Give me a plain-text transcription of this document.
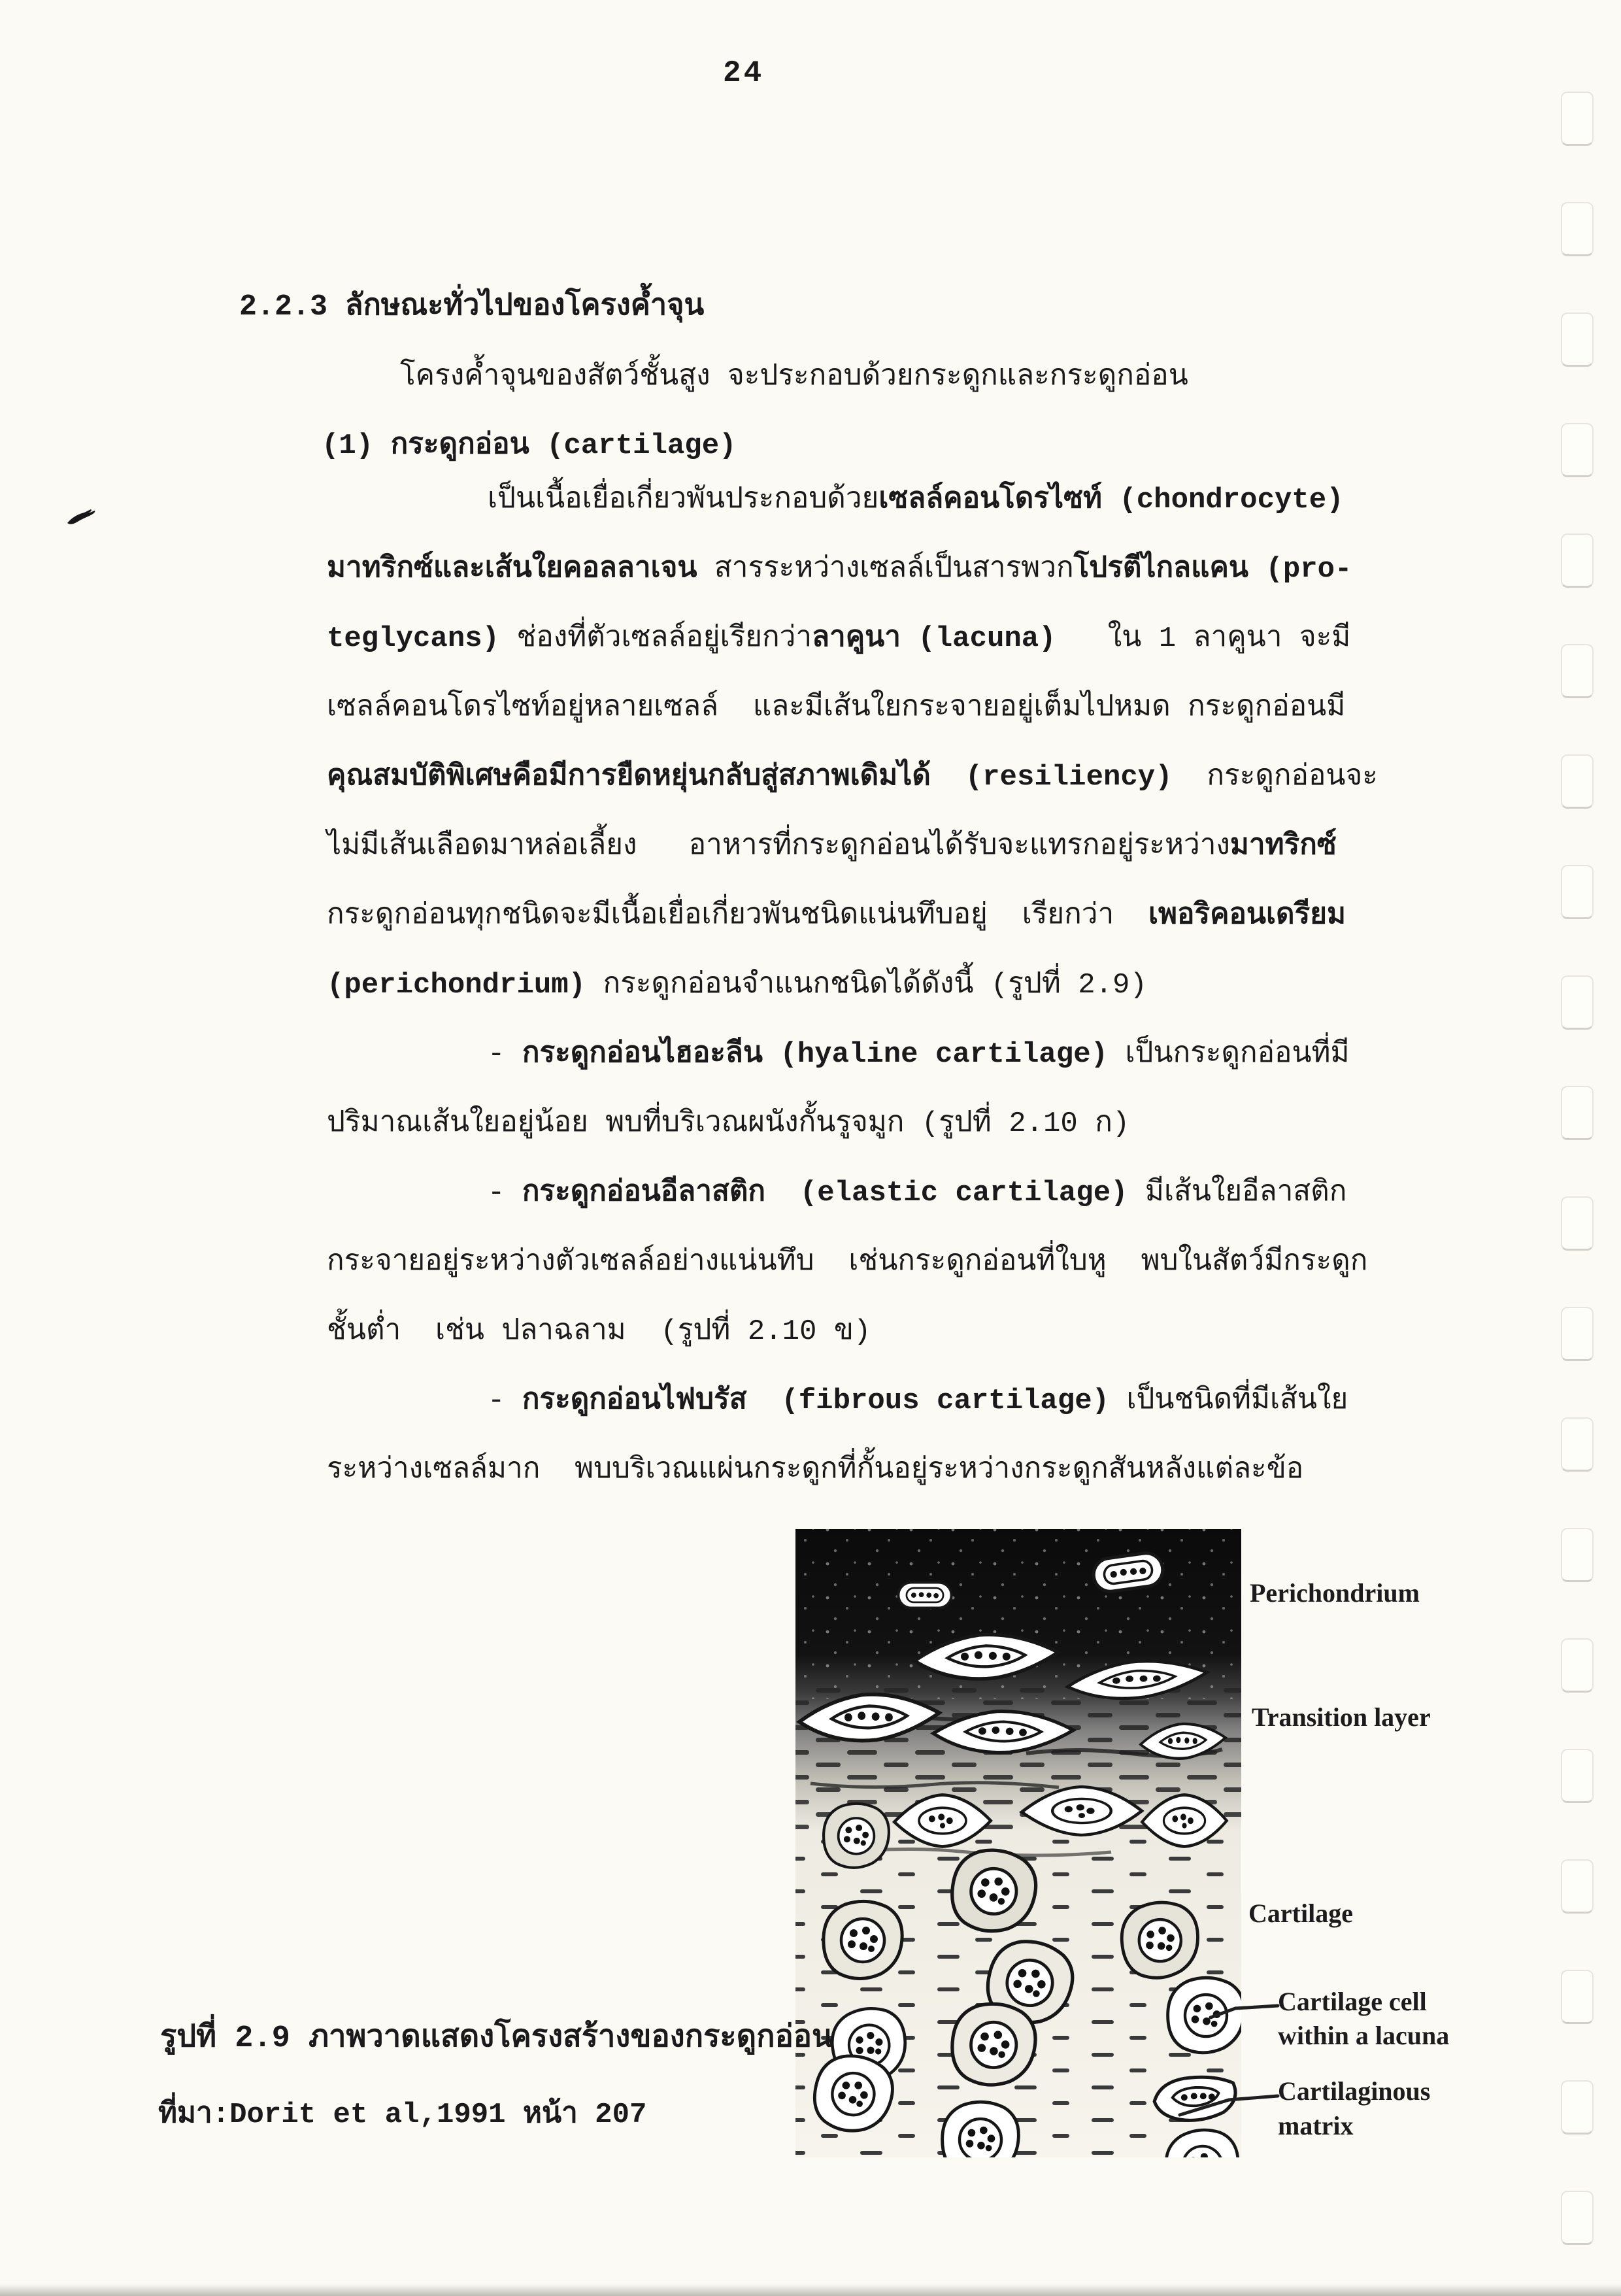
24
2.2.3 ลักษณะทั่วไปของโครงค้ำจุน
โครงค้ำจุนของสัตว์ชั้นสูง จะประกอบด้วยกระดูกและกระดูกอ่อน
(1) กระดูกอ่อน (cartilage)
เป็นเนื้อเยื่อเกี่ยวพันประกอบด้วยเซลล์คอนโดรไซท์ (chondrocyte)
มาทริกซ์และเส้นใยคอลลาเจน สารระหว่างเซลล์เป็นสารพวกโปรตีไกลแคน (pro-
teglycans) ช่องที่ตัวเซลล์อยู่เรียกว่าลาคูนา (lacuna)   ใน 1 ลาคูนา จะมี
เซลล์คอนโดรไซท์อยู่หลายเซลล์  และมีเส้นใยกระจายอยู่เต็มไปหมด กระดูกอ่อนมี
คุณสมบัติพิเศษคือมีการยืดหยุ่นกลับสู่สภาพเดิมได้ (resiliency)  กระดูกอ่อนจะ
ไม่มีเส้นเลือดมาหล่อเลี้ยง   อาหารที่กระดูกอ่อนได้รับจะแทรกอยู่ระหว่างมาทริกซ์
กระดูกอ่อนทุกชนิดจะมีเนื้อเยื่อเกี่ยวพันชนิดแน่นทึบอยู่  เรียกว่า  เพอริคอนเดรียม
(perichondrium) กระดูกอ่อนจำแนกชนิดได้ดังนี้ (รูปที่ 2.9)
- กระดูกอ่อนไฮอะลีน (hyaline cartilage) เป็นกระดูกอ่อนที่มี
ปริมาณเส้นใยอยู่น้อย พบที่บริเวณผนังกั้นรูจมูก (รูปที่ 2.10 ก)
- กระดูกอ่อนอีลาสติก  (elastic cartilage) มีเส้นใยอีลาสติก
กระจายอยู่ระหว่างตัวเซลล์อย่างแน่นทึบ  เช่นกระดูกอ่อนที่ใบหู  พบในสัตว์มีกระดูก
ชั้นต่ำ  เช่น ปลาฉลาม  (รูปที่ 2.10 ข)
- กระดูกอ่อนไฟบรัส  (fibrous cartilage) เป็นชนิดที่มีเส้นใย
ระหว่างเซลล์มาก  พบบริเวณแผ่นกระดูกที่กั้นอยู่ระหว่างกระดูกสันหลังแต่ละข้อ
Perichondrium
Transition layer
Cartilage
Cartilage cell
within a lacuna
Cartilaginous
matrix
รูปที่ 2.9 ภาพวาดแสดงโครงสร้างของกระดูกอ่อน
ที่มา:Dorit et al,1991 หน้า 207
